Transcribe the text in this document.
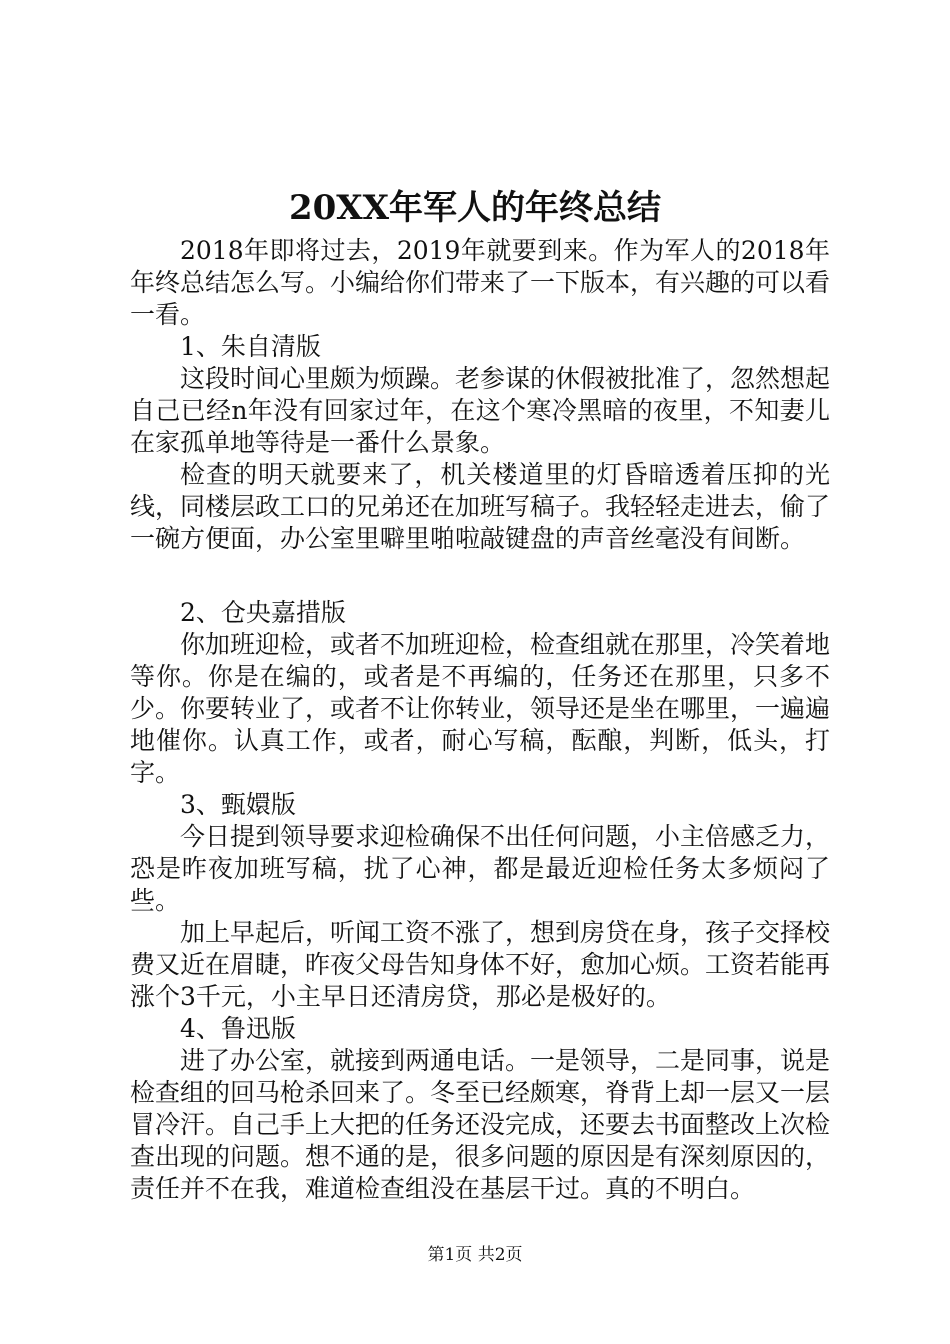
20XX年军人的年终总结

2018年即将过去，2019年就要到来。作为军人的2018年年终总结怎么写。小编给你们带来了一下版本，有兴趣的可以看一看。

1、朱自清版

这段时间心里颇为烦躁。老参谋的休假被批准了，忽然想起自己已经n年没有回家过年，在这个寒冷黑暗的夜里，不知妻儿在家孤单地等待是一番什么景象。

检查的明天就要来了，机关楼道里的灯昏暗透着压抑的光线，同楼层政工口的兄弟还在加班写稿子。我轻轻走进去，偷了一碗方便面，办公室里噼里啪啦敲键盘的声音丝毫没有间断。

2、仓央嘉措版

你加班迎检，或者不加班迎检，检查组就在那里，冷笑着地等你。你是在编的，或者是不再编的，任务还在那里，只多不少。你要转业了，或者不让你转业，领导还是坐在哪里，一遍遍地催你。认真工作，或者，耐心写稿，酝酿，判断，低头，打字。

3、甄嬛版

今日提到领导要求迎检确保不出任何问题，小主倍感乏力，恐是昨夜加班写稿，扰了心神，都是最近迎检任务太多烦闷了些。

加上早起后，听闻工资不涨了，想到房贷在身，孩子交择校费又近在眉睫，昨夜父母告知身体不好，愈加心烦。工资若能再涨个3千元，小主早日还清房贷，那必是极好的。

4、鲁迅版

进了办公室，就接到两通电话。一是领导，二是同事，说是检查组的回马枪杀回来了。冬至已经颇寒，脊背上却一层又一层冒冷汗。自己手上大把的任务还没完成，还要去书面整改上次检查出现的问题。想不通的是，很多问题的原因是有深刻原因的，责任并不在我，难道检查组没在基层干过。真的不明白。

第1页 共2页
